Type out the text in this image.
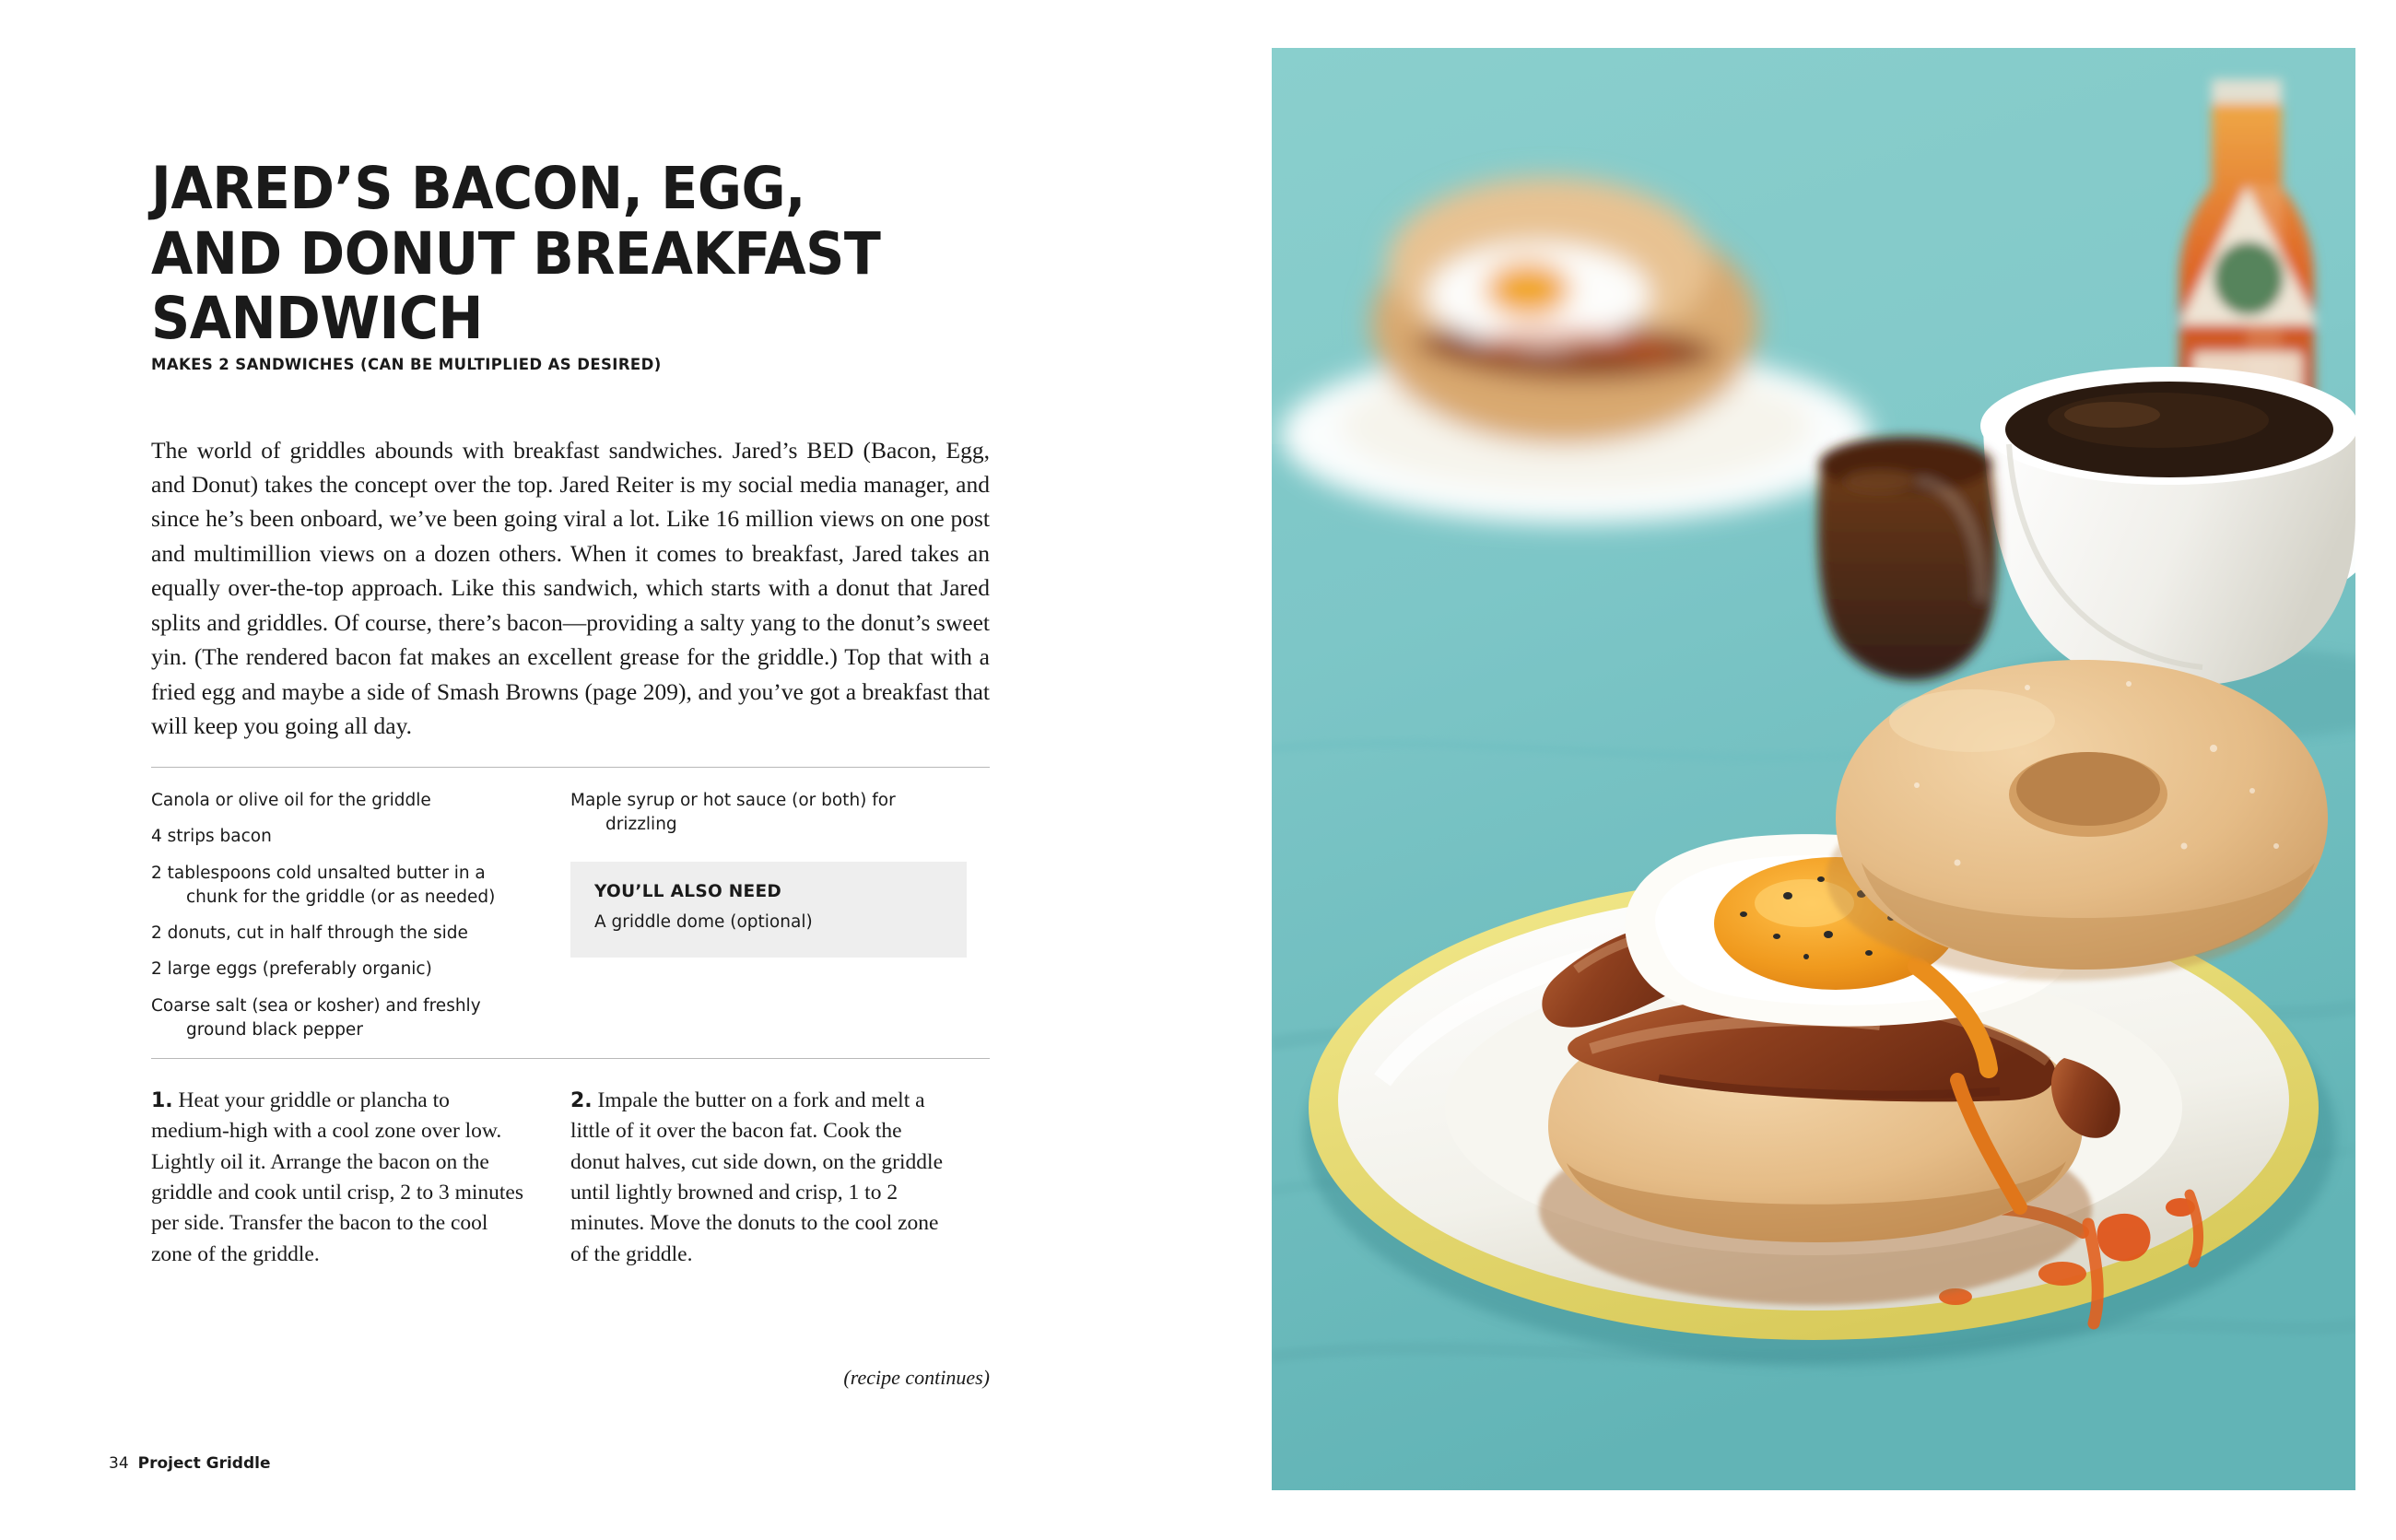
JARED’S BACON, EGG, AND DONUT BREAKFAST SANDWICH
MAKES 2 SANDWICHES (CAN BE MULTIPLIED AS DESIRED)

The world of griddles abounds with breakfast sandwiches. Jared’s BED (Bacon, Egg, and Donut) takes the concept over the top. Jared Reiter is my social media manager, and since he’s been onboard, we’ve been going viral a lot. Like 16 million views on one post and multimillion views on a dozen others. When it comes to breakfast, Jared takes an equally over-the-top approach. Like this sandwich, which starts with a donut that Jared splits and griddles. Of course, there’s bacon—providing a salty yang to the donut’s sweet yin. (The rendered bacon fat makes an excellent grease for the griddle.) Top that with a fried egg and maybe a side of Smash Browns (page 209), and you’ve got a breakfast that will keep you going all day.

Canola or olive oil for the griddle
4 strips bacon
2 tablespoons cold unsalted butter in a chunk for the griddle (or as needed)
2 donuts, cut in half through the side
2 large eggs (preferably organic)
Coarse salt (sea or kosher) and freshly ground black pepper
Maple syrup or hot sauce (or both) for drizzling
YOU’LL ALSO NEED
A griddle dome (optional)
1. Heat your griddle or plancha to medium-high with a cool zone over low. Lightly oil it. Arrange the bacon on the griddle and cook until crisp, 2 to 3 minutes per side. Transfer the bacon to the cool zone of the griddle.
2. Impale the butter on a fork and melt a little of it over the bacon fat. Cook the donut halves, cut side down, on the griddle until lightly browned and crisp, 1 to 2 minutes. Move the donuts to the cool zone of the griddle.
(recipe continues)
34 Project Griddle
